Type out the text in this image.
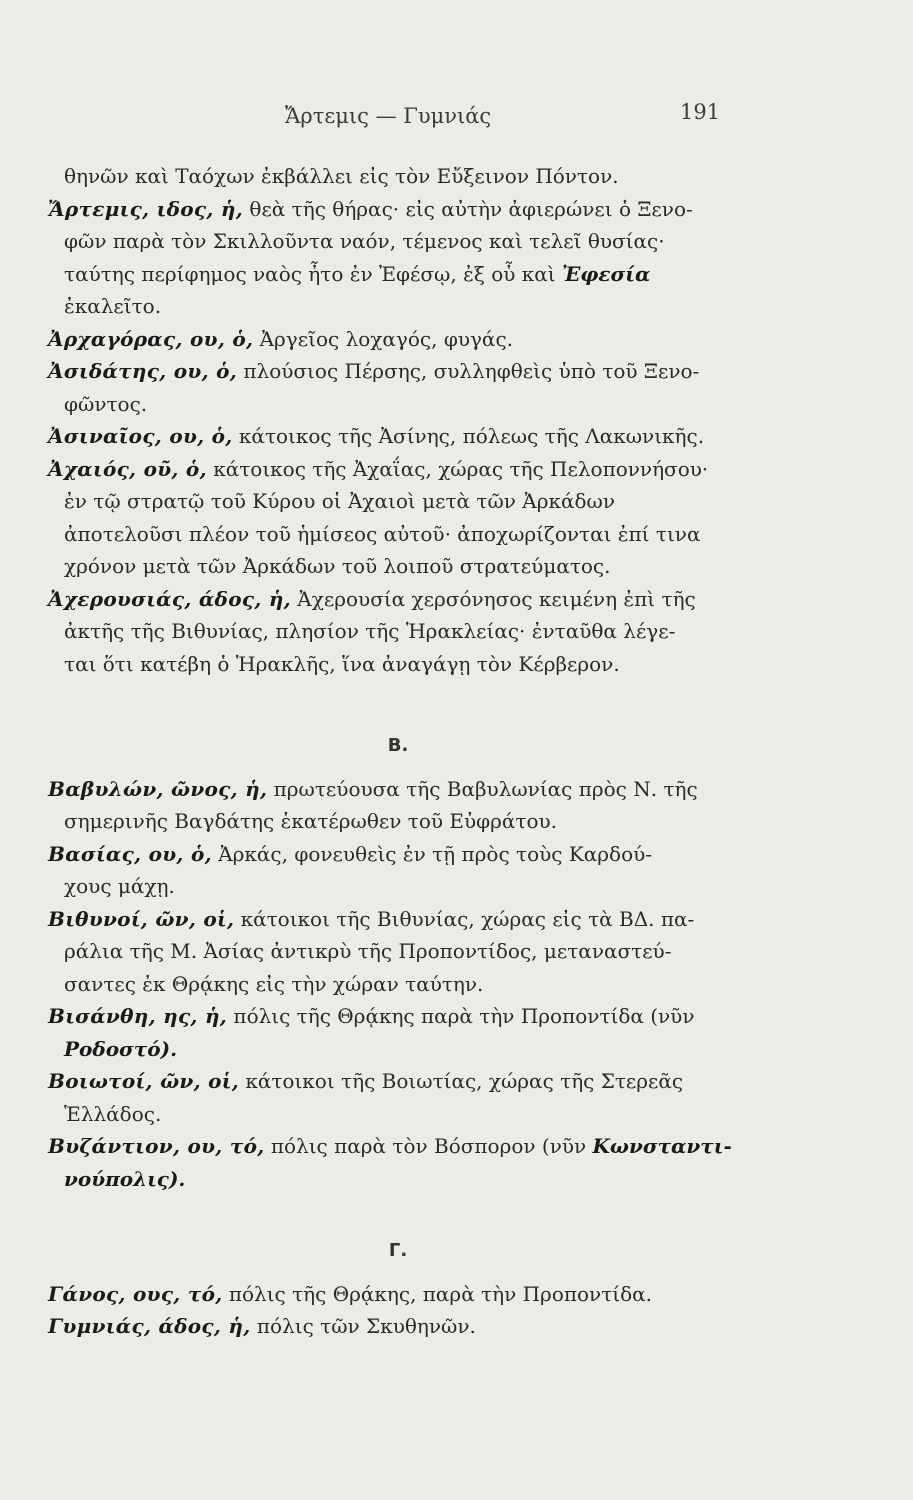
Ἄρτεμις — Γυμνιάς	191
θηνῶν καὶ Ταόχων ἐκβάλλει εἰς τὸν Εὔξεινον Πόντον.
Ἄρτεμις, ιδος, ἡ, θεὰ τῆς θήρας· εἰς αὐτὴν ἀφιερώνει ὁ Ξενο-
φῶν παρὰ τὸν Σκιλλοῦντα ναόν, τέμενος καὶ τελεῖ θυσίας·
ταύτης περίφημος ναὸς ἦτο ἐν Ἐφέσῳ, ἐξ οὗ καὶ Ἐφεσία
ἐκαλεῖτο.
Ἀρχαγόρας, ου, ὁ, Ἀργεῖος λοχαγός, φυγάς.
Ἀσιδάτης, ου, ὁ, πλούσιος Πέρσης, συλληφθεὶς ὑπὸ τοῦ Ξενο-
φῶντος.
Ἀσιναῖος, ου, ὁ, κάτοικος τῆς Ἀσίνης, πόλεως τῆς Λακωνικῆς.
Ἀχαιός, οῦ, ὁ, κάτοικος τῆς Ἀχαΐας, χώρας τῆς Πελοποννήσου·
ἐν τῷ στρατῷ τοῦ Κύρου οἱ Ἀχαιοὶ μετὰ τῶν Ἀρκάδων
ἀποτελοῦσι πλέον τοῦ ἡμίσεος αὐτοῦ· ἀποχωρίζονται ἐπί τινα
χρόνον μετὰ τῶν Ἀρκάδων τοῦ λοιποῦ στρατεύματος.
Ἀχερουσιάς, άδος, ἡ, Ἀχερουσία χερσόνησος κειμένη ἐπὶ τῆς
ἀκτῆς τῆς Βιθυνίας, πλησίον τῆς Ἡρακλείας· ἐνταῦθα λέγε-
ται ὅτι κατέβη ὁ Ἡρακλῆς, ἵνα ἀναγάγῃ τὸν Κέρβερον.
Β.
Βαβυλών, ῶνος, ἡ, πρωτεύουσα τῆς Βαβυλωνίας πρὸς Ν. τῆς
σημερινῆς Βαγδάτης ἑκατέρωθεν τοῦ Εὐφράτου.
Βασίας, ου, ὁ, Ἀρκάς, φονευθεὶς ἐν τῇ πρὸς τοὺς Καρδού-
χους μάχῃ.
Βιθυνοί, ῶν, οἱ, κάτοικοι τῆς Βιθυνίας, χώρας εἰς τὰ ΒΔ. πα-
ράλια τῆς Μ. Ἀσίας ἀντικρὺ τῆς Προποντίδος, μεταναστεύ-
σαντες ἐκ Θρᾴκης εἰς τὴν χώραν ταύτην.
Βισάνθη, ης, ἡ, πόλις τῆς Θρᾴκης παρὰ τὴν Προποντίδα (νῦν
Ροδοστό).
Βοιωτοί, ῶν, οἱ, κάτοικοι τῆς Βοιωτίας, χώρας τῆς Στερεᾶς
Ἑλλάδος.
Βυζάντιον, ου, τό, πόλις παρὰ τὸν Βόσπορον (νῦν Κωνσταντι-
νούπολις).
Γ.
Γάνος, ους, τό, πόλις τῆς Θρᾴκης, παρὰ τὴν Προποντίδα.
Γυμνιάς, άδος, ἡ, πόλις τῶν Σκυθηνῶν.
